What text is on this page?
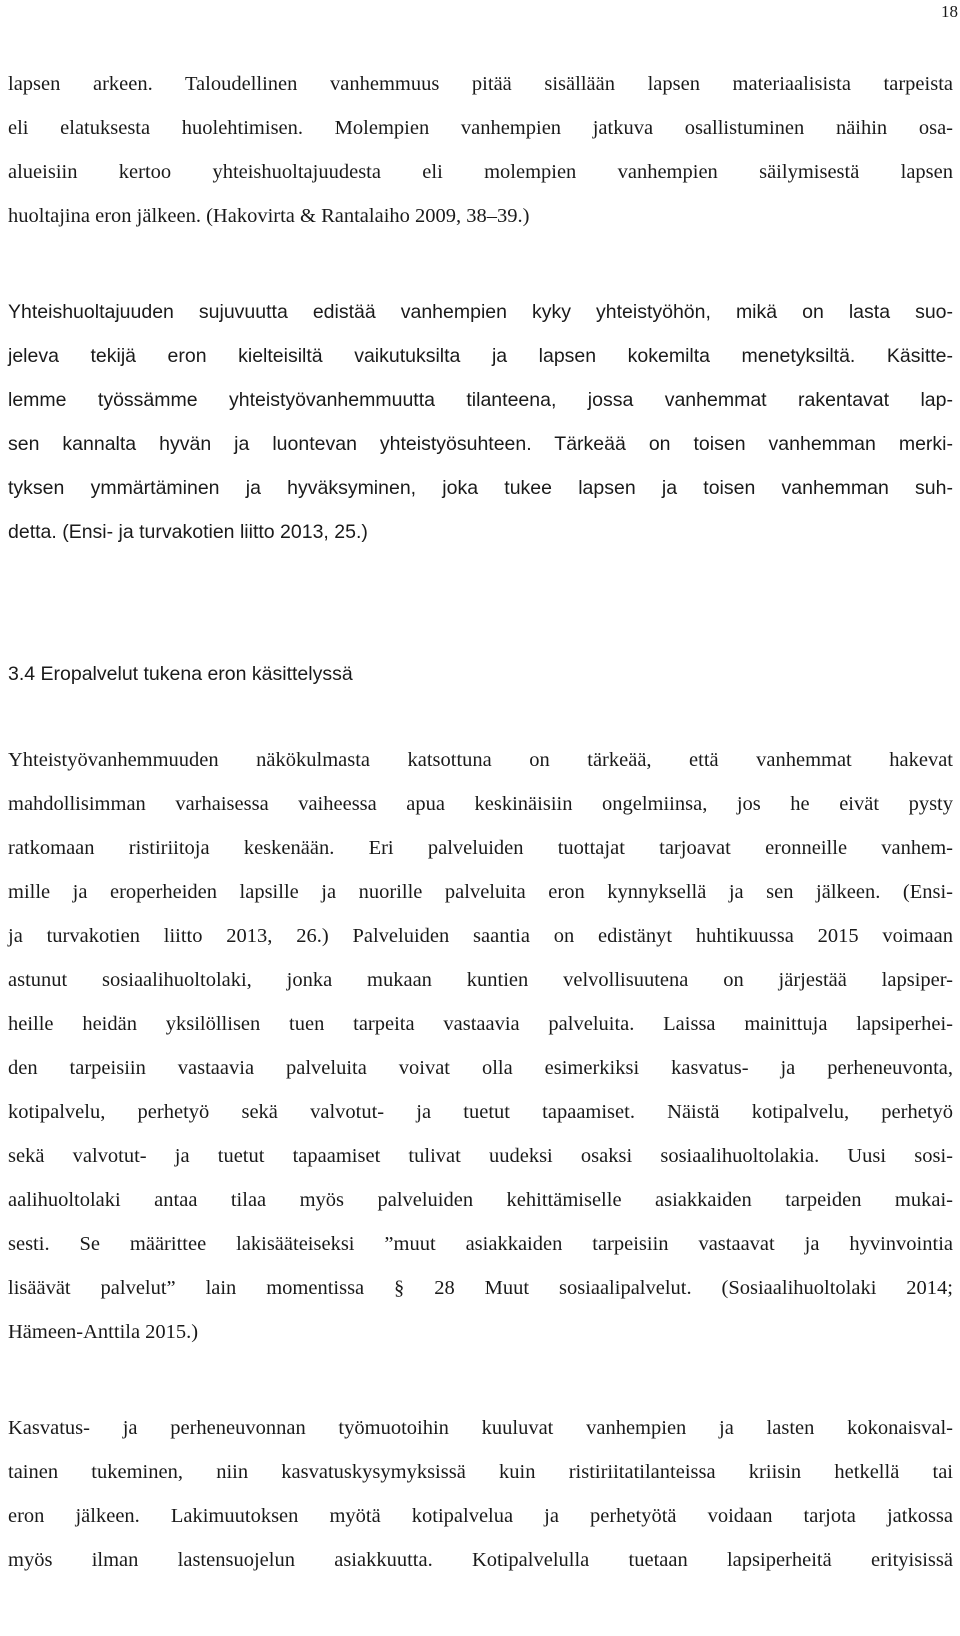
18
lapsen arkeen. Taloudellinen vanhemmuus pitää sisällään lapsen materiaalisista tarpeista
eli elatuksesta huolehtimisen. Molempien vanhempien jatkuva osallistuminen näihin osa-
alueisiin kertoo yhteishuoltajuudesta eli molempien vanhempien säilymisestä lapsen
huoltajina eron jälkeen. (Hakovirta & Rantalaiho 2009, 38–39.)
Yhteishuoltajuuden sujuvuutta edistää vanhempien kyky yhteistyöhön, mikä on lasta suo-
jeleva tekijä eron kielteisiltä vaikutuksilta ja lapsen kokemilta menetyksiltä. Käsitte-
lemme työssämme yhteistyövanhemmuutta tilanteena, jossa vanhemmat rakentavat lap-
sen kannalta hyvän ja luontevan yhteistyösuhteen. Tärkeää on toisen vanhemman merki-
tyksen ymmärtäminen ja hyväksyminen, joka tukee lapsen ja toisen vanhemman suh-
detta. (Ensi- ja turvakotien liitto 2013, 25.)
3.4 Eropalvelut tukena eron käsittelyssä
Yhteistyövanhemmuuden näkökulmasta katsottuna on tärkeää, että vanhemmat hakevat
mahdollisimman varhaisessa vaiheessa apua keskinäisiin ongelmiinsa, jos he eivät pysty
ratkomaan ristiriitoja keskenään. Eri palveluiden tuottajat tarjoavat eronneille vanhem-
mille ja eroperheiden lapsille ja nuorille palveluita eron kynnyksellä ja sen jälkeen. (Ensi-
ja turvakotien liitto 2013, 26.) Palveluiden saantia on edistänyt huhtikuussa 2015 voimaan
astunut sosiaalihuoltolaki, jonka mukaan kuntien velvollisuutena on järjestää lapsiper-
heille heidän yksilöllisen tuen tarpeita vastaavia palveluita. Laissa mainittuja lapsiperhei-
den tarpeisiin vastaavia palveluita voivat olla esimerkiksi kasvatus- ja perheneuvonta,
kotipalvelu, perhetyö sekä valvotut- ja tuetut tapaamiset. Näistä kotipalvelu, perhetyö
sekä valvotut- ja tuetut tapaamiset tulivat uudeksi osaksi sosiaalihuoltolakia. Uusi sosi-
aalihuoltolaki antaa tilaa myös palveluiden kehittämiselle asiakkaiden tarpeiden mukai-
sesti. Se määrittee lakisääteiseksi ”muut asiakkaiden tarpeisiin vastaavat ja hyvinvointia
lisäävät palvelut” lain momentissa § 28 Muut sosiaalipalvelut. (Sosiaalihuoltolaki 2014;
Hämeen-Anttila 2015.)
Kasvatus- ja perheneuvonnan työmuotoihin kuuluvat vanhempien ja lasten kokonaisval-
tainen tukeminen, niin kasvatuskysymyksissä kuin ristiriitatilanteissa kriisin hetkellä tai
eron jälkeen. Lakimuutoksen myötä kotipalvelua ja perhetyötä voidaan tarjota jatkossa
myös ilman lastensuojelun asiakkuutta. Kotipalvelulla tuetaan lapsiperheitä erityisissä
